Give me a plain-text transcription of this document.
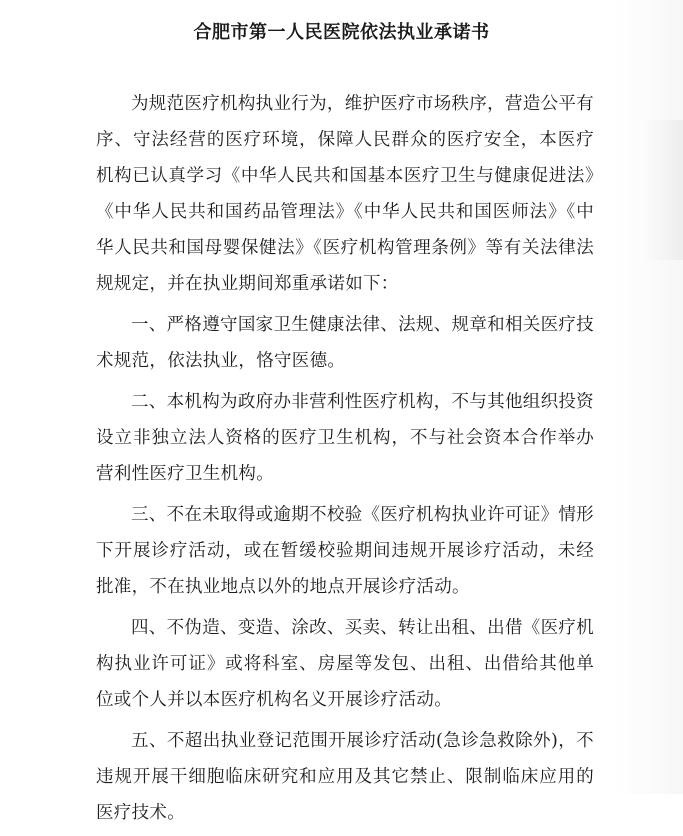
合肥市第一人民医院依法执业承诺书

为规范医疗机构执业行为，维护医疗市场秩序，营造公平有序、守法经营的医疗环境，保障人民群众的医疗安全，本医疗机构已认真学习《中华人民共和国基本医疗卫生与健康促进法》《中华人民共和国药品管理法》《中华人民共和国医师法》《中华人民共和国母婴保健法》《医疗机构管理条例》等有关法律法规规定，并在执业期间郑重承诺如下：

一、严格遵守国家卫生健康法律、法规、规章和相关医疗技术规范，依法执业，恪守医德。

二、本机构为政府办非营利性医疗机构，不与其他组织投资设立非独立法人资格的医疗卫生机构，不与社会资本合作举办营利性医疗卫生机构。

三、不在未取得或逾期不校验《医疗机构执业许可证》情形下开展诊疗活动，或在暂缓校验期间违规开展诊疗活动，未经批准，不在执业地点以外的地点开展诊疗活动。

四、不伪造、变造、涂改、买卖、转让出租、出借《医疗机构执业许可证》或将科室、房屋等发包、出租、出借给其他单位或个人并以本医疗机构名义开展诊疗活动。

五、不超出执业登记范围开展诊疗活动(急诊急救除外)，不违规开展干细胞临床研究和应用及其它禁止、限制临床应用的医疗技术。
